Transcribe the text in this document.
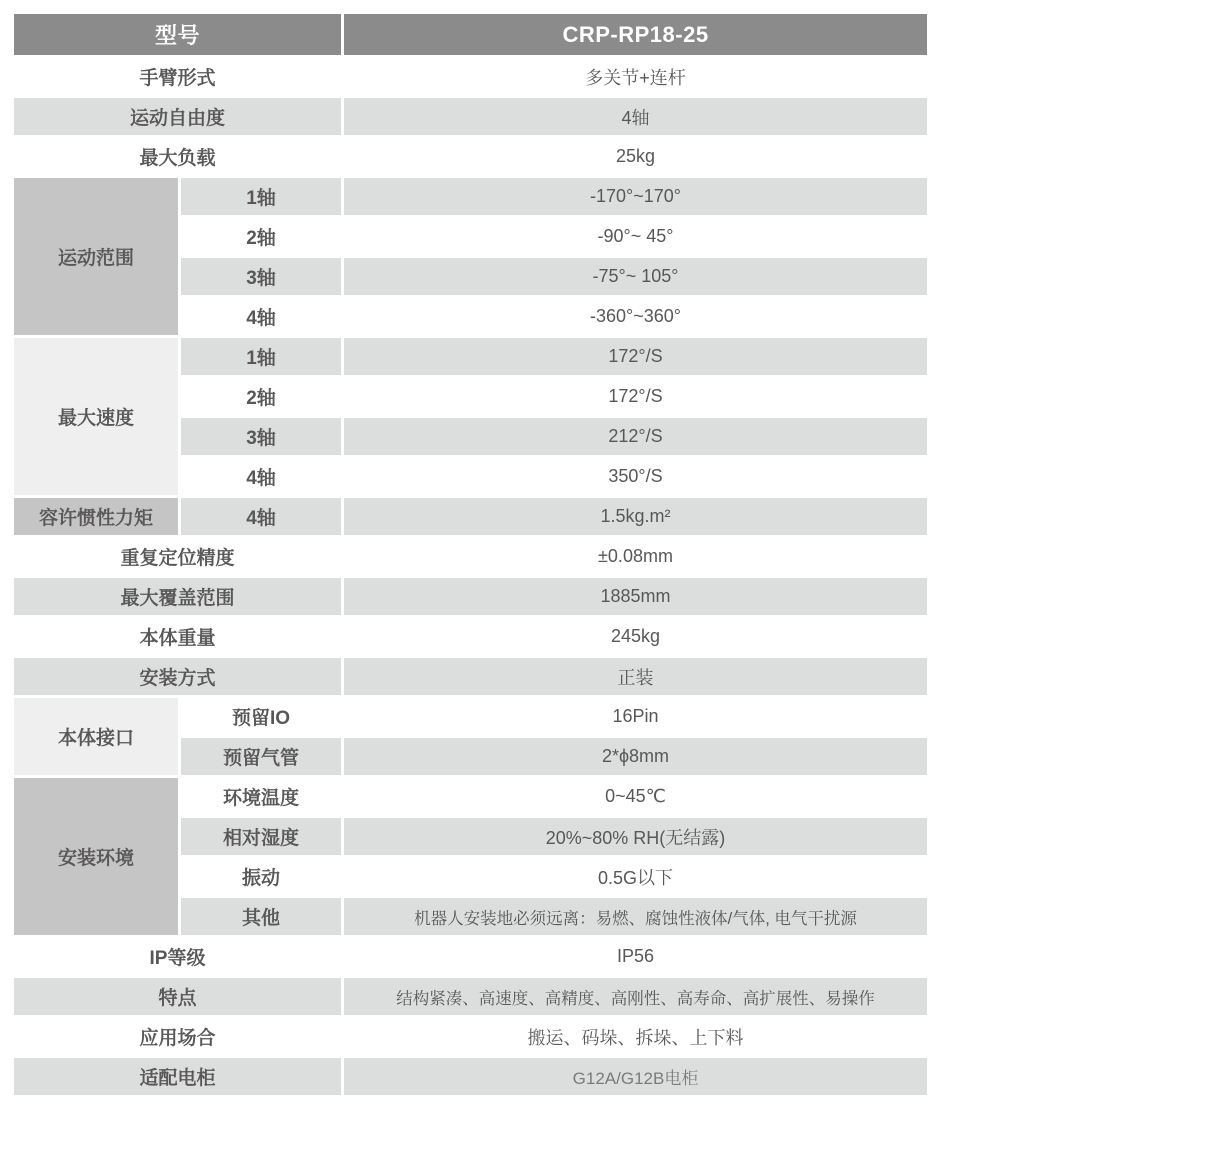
型号		CRP-RP18-25
手臂形式		多关节+连杆
运动自由度		4轴
最大负载		25kg
运动范围	1轴	-170°~170°
	2轴	-90°~ 45°
	3轴	-75°~ 105°
	4轴	-360°~360°
最大速度	1轴	172°/S
	2轴	172°/S
	3轴	212°/S
	4轴	350°/S
容许惯性力矩	4轴	1.5kg.m²
重复定位精度		±0.08mm
最大覆盖范围		1885mm
本体重量		245kg
安装方式		正装
本体接口	预留IO	16Pin
	预留气管	2*ϕ8mm
安装环境	环境温度	0~45℃
	相对湿度	20%~80% RH(无结露)
	振动	0.5G以下
	其他	机器人安装地必须远离：易燃、腐蚀性液体/气体, 电气干扰源
IP等级		IP56
特点		结构紧凑、高速度、高精度、高刚性、高寿命、高扩展性、易操作
应用场合		搬运、码垛、拆垛、上下料
适配电柜		G12A/G12B电柜
